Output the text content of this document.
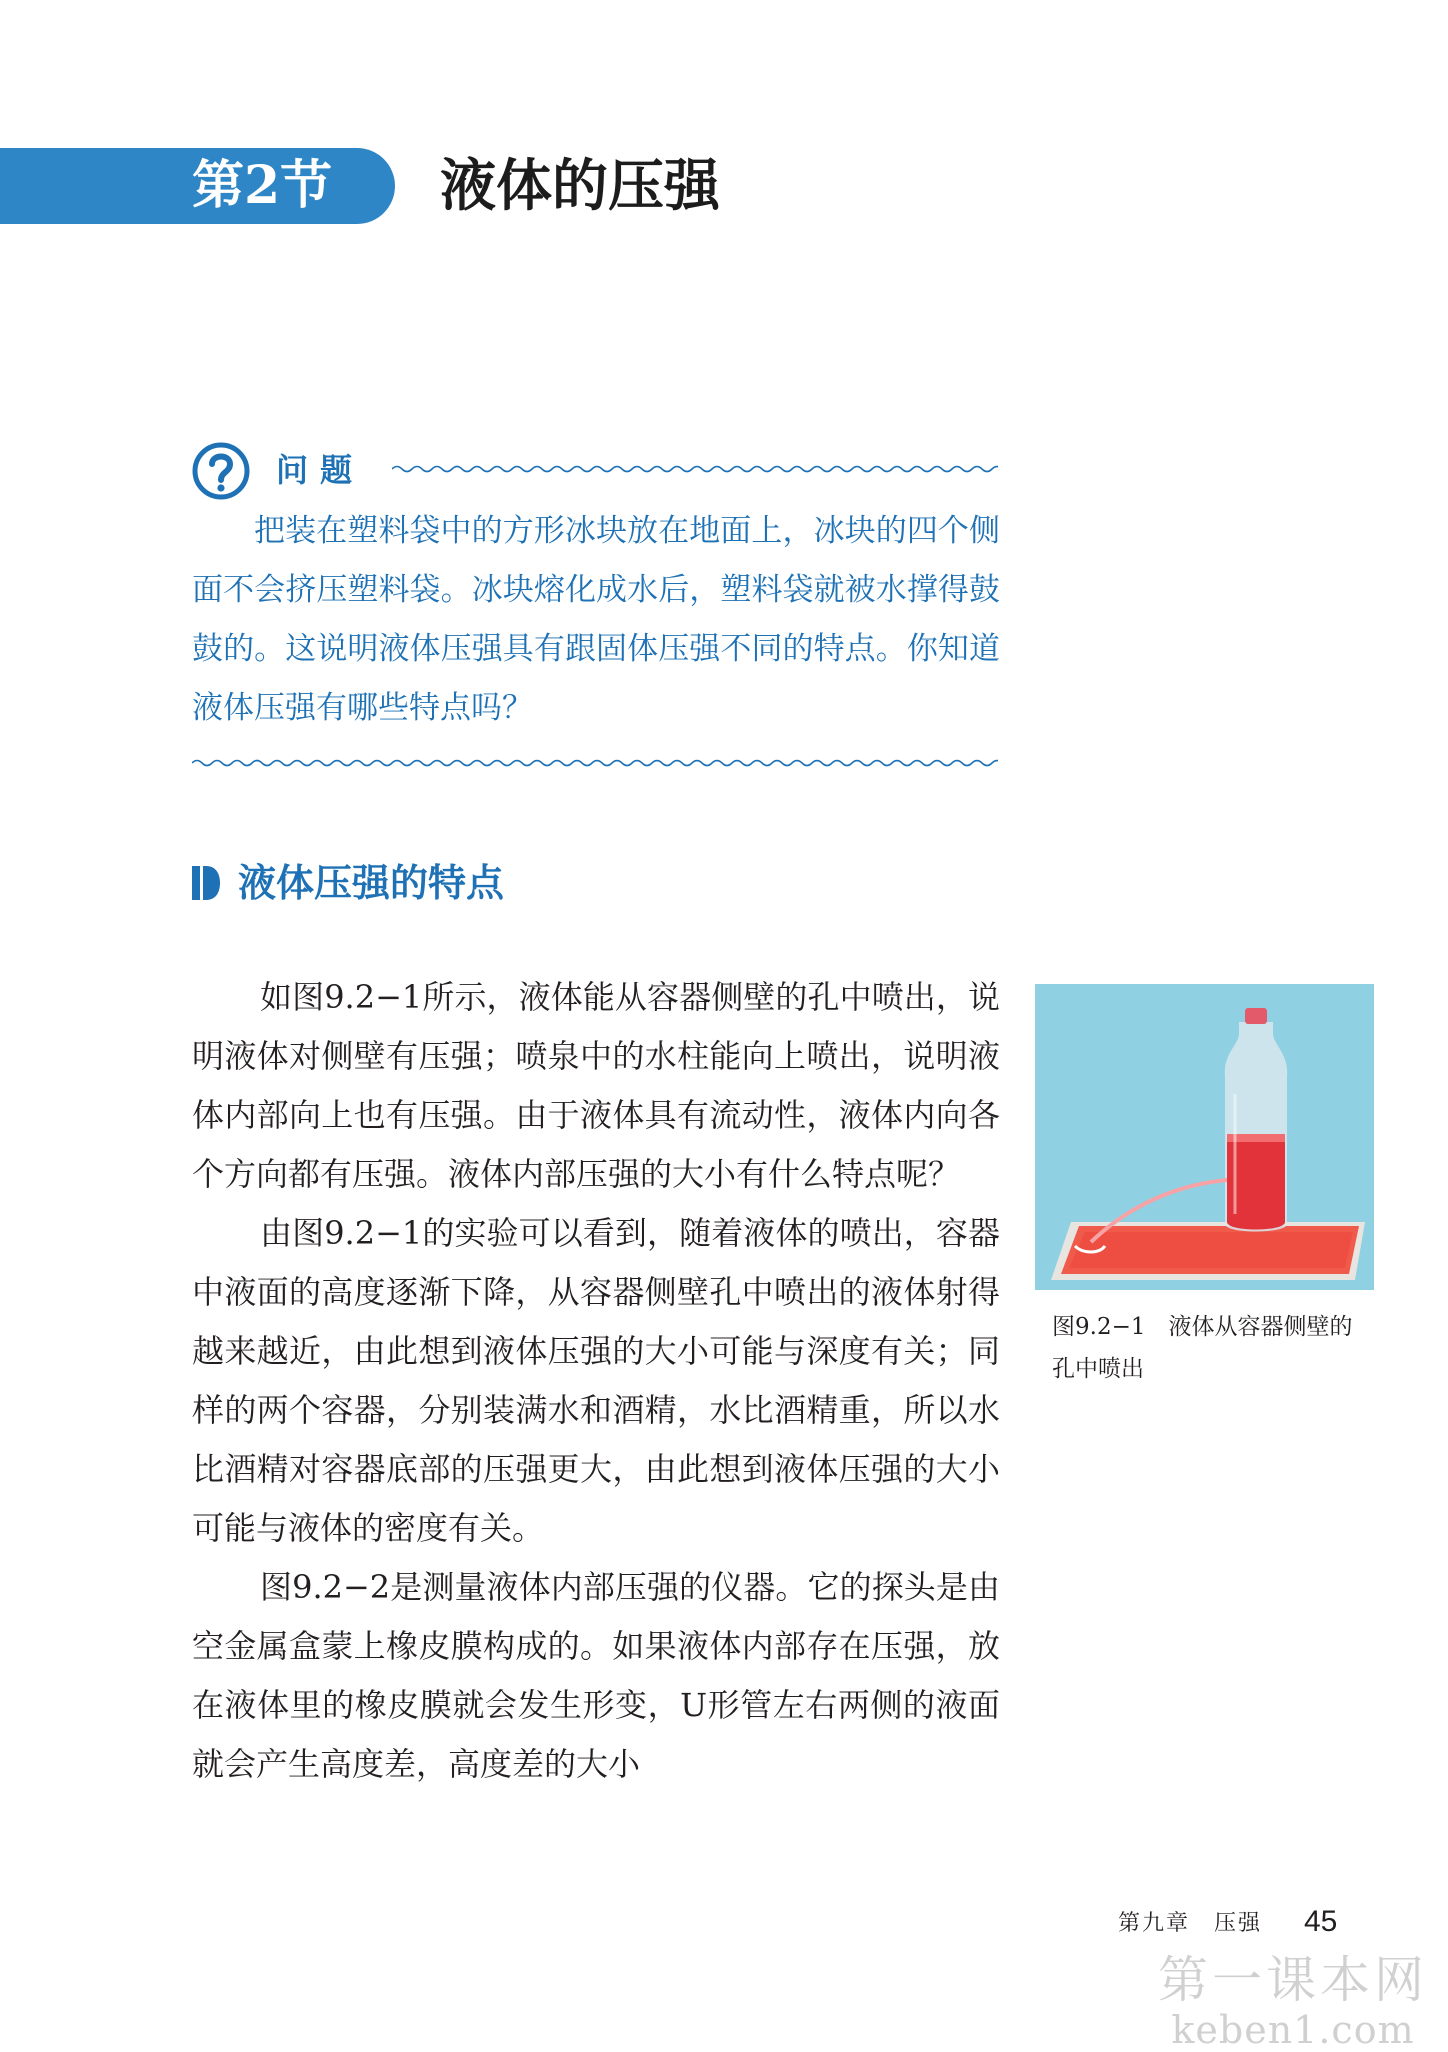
第2节 液体的压强
问题

把装在塑料袋中的方形冰块放在地面上，冰块的四个侧面不会挤压塑料袋。冰块熔化成水后，塑料袋就被水撑得鼓鼓的。这说明液体压强具有跟固体压强不同的特点。你知道液体压强有哪些特点吗？

液体压强的特点

如图9.2−1所示，液体能从容器侧壁的孔中喷出，说明液体对侧壁有压强；喷泉中的水柱能向上喷出，说明液体内部向上也有压强。由于液体具有流动性，液体内向各个方向都有压强。液体内部压强的大小有什么特点呢？

由图9.2−1的实验可以看到，随着液体的喷出，容器中液面的高度逐渐下降，从容器侧壁孔中喷出的液体射得越来越近，由此想到液体压强的大小可能与深度有关；同样的两个容器，分别装满水和酒精，水比酒精重，所以水比酒精对容器底部的压强更大，由此想到液体压强的大小可能与液体的密度有关。

图9.2−2是测量液体内部压强的仪器。它的探头是由空金属盒蒙上橡皮膜构成的。如果液体内部存在压强，放在液体里的橡皮膜就会发生形变，U形管左右两侧的液面就会产生高度差，高度差的大小

图9.2−1　液体从容器侧壁的孔中喷出

第九章　压强 45
第一课本网
keben1.com
